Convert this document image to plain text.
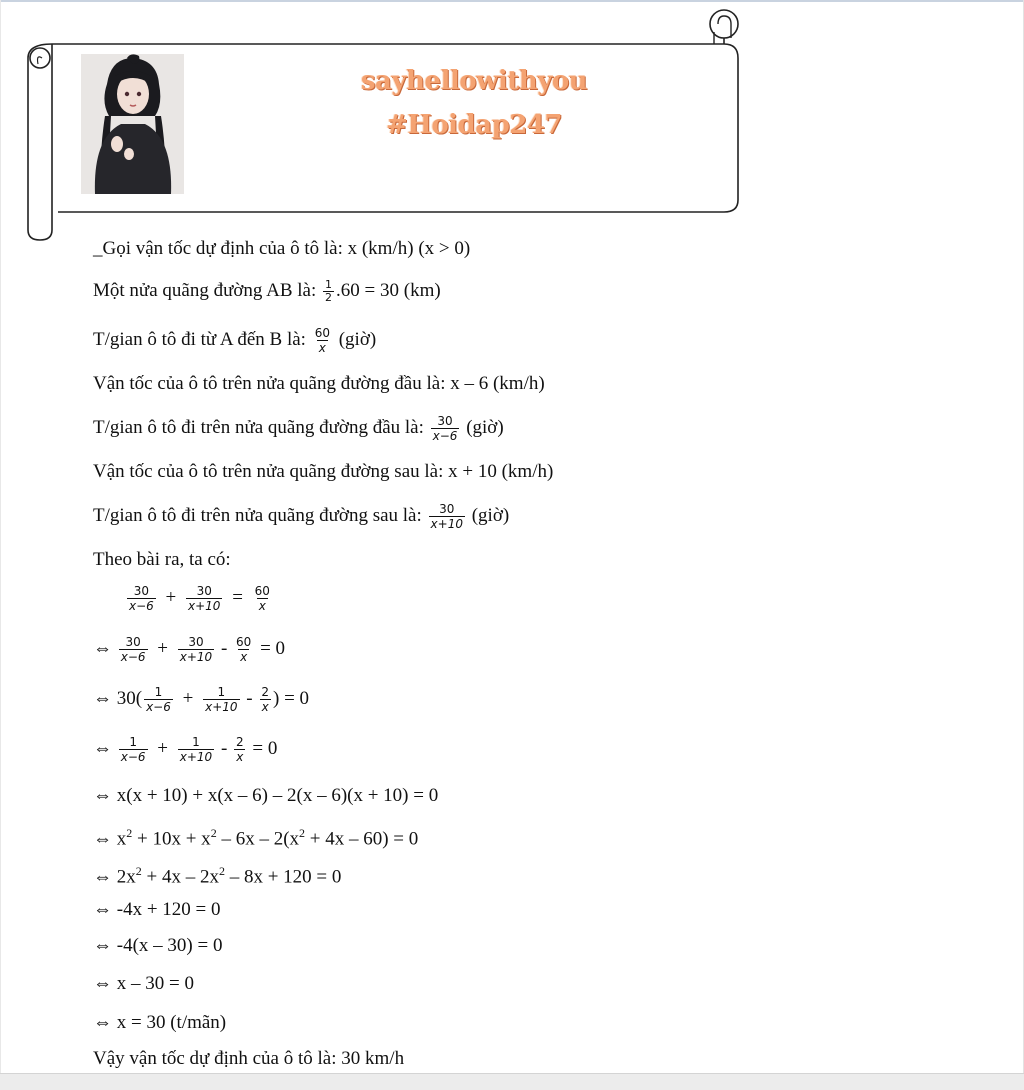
sayhellowithyou
#Hoidap247
_Gọi vận tốc dự định của ô tô là: x (km/h) (x > 0)
Một nửa quãng đường AB là: $\frac{1}{2} .60 = 30$ (km)
T/gian ô tô đi từ A đến B là: $\frac{60}{x}$ (giờ)
Vận tốc của ô tô trên nửa quãng đường đầu là: x – 6 (km/h)
T/gian ô tô đi trên nửa quãng đường đầu là: $\frac{30}{x-6}$ (giờ)
Vận tốc của ô tô trên nửa quãng đường sau là: x + 10 (km/h)
T/gian ô tô đi trên nửa quãng đường sau là: $\frac{30}{x+10}$ (giờ)
Theo bài ra, ta có:
$\frac{30}{x-6} + \frac{30}{x+10} = \frac{60}{x}$
⇔ $\frac{30}{x-6} + \frac{30}{x+10} - \frac{60}{x} = 0$
⇔ $30( \frac{1}{x-6} + \frac{1}{x+10} - \frac{2}{x}$ ) = 0
⇔ $\frac{1}{x-6} + \frac{1}{x+10} - \frac{2}{x} = 0$
⇔ x(x + 10) + x(x – 6) – 2(x – 6)(x + 10) = 0
⇔ $x^2 + 10x + x^2 - 6x - 2(x^2 + 4x - 60) = 0$
⇔ $2x^2 + 4x - 2x^2 - 8x + 120 = 0$
⇔ -4x + 120 = 0
⇔ -4(x – 30) = 0
⇔ x – 30 = 0
⇔ x = 30 (t/mãn)
Vậy vận tốc dự định của ô tô là: 30 km/h
